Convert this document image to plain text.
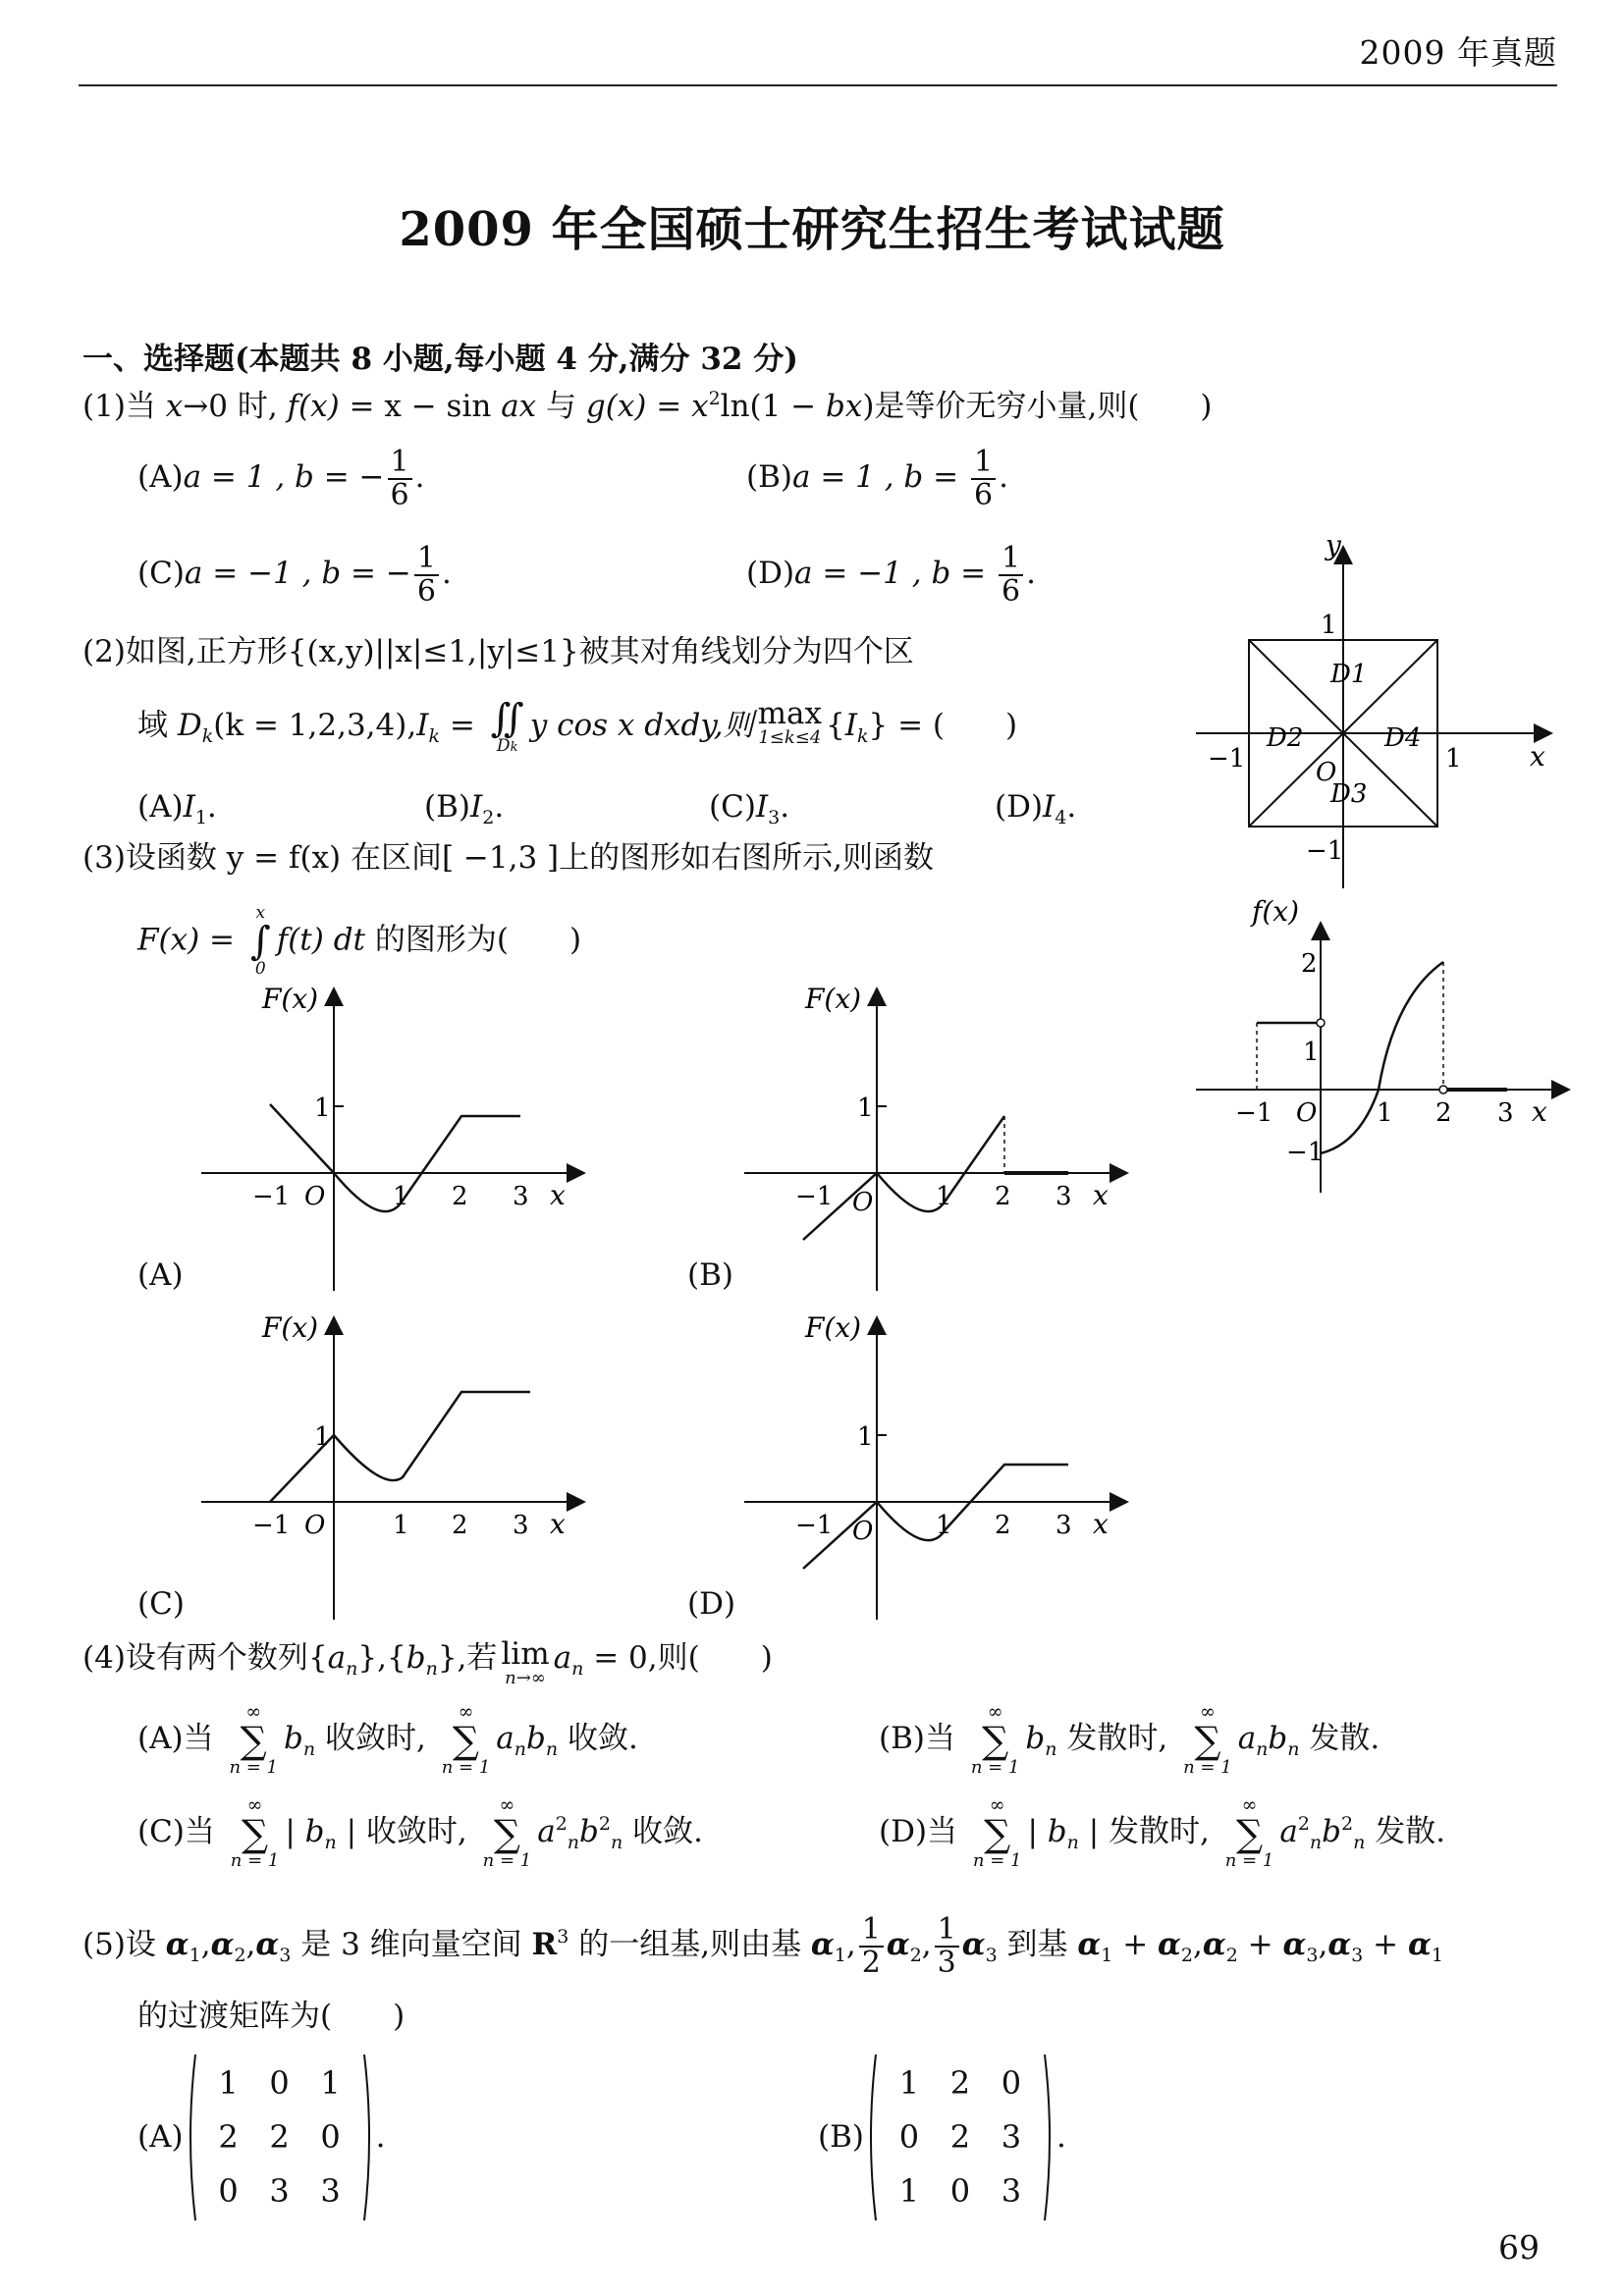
2009 年真题
2009 年全国硕士研究生招生考试试题
一、选择题(本题共 8 小题,每小题 4 分,满分 32 分)
(1)当 x→0 时, f(x) = x − sin ax 与 $g(x) = x^2\ln(1 - bx)$是等价无穷小量,则(　　)
(A)a = 1 , b = − $\frac{1}{6}$ .	(B)a = 1 , $b = \frac{1}{6}$ .
(C)a = −1 , b = − $\frac{1}{6}$ .	(D)a = −1 , $b = \frac{1}{6}$ .
(2)如图,正方形{(x,y)||x|≤1,|y|≤1}被其对角线划分为四个区
域 $D_k(k = 1,2,3,4),I_k$ = ∬
Dk
y cos x dxdy,则 max
1≤k≤4 $\{I_k\}$ = (　　)
$(A)I_1$.	$(B)I_2$.	$(C)I_3$.	$(D)I_4$.
(3)设函数 y = f(x) 在区间[ −1,3 ]上的图形如右图所示,则函数
F(x) =
x
∫
0
f(t) dt 的图形为(　　)
y
x
1
1
−1
−1
O
D1
D2
D3
D4
f(x)
2
1
−1
−1 O 1 2 3 x
F(x)
1
−1 O	1 2 3 x
(A)
F(x)
1
−1 O 1 2 3 x
(B)
F(x)
1
−1 O	1 2 3 x
(C)
F(x)
1
−1 O 1 2 3 x
(D)
(4)设有两个数列$\{a_n\},\{b_n\}$,若 lim
n→∞
$a_n = 0$,则(　　)
(A)当
∞
∑
n = 1
$b_n$ 收敛时,
∞
∑
n = 1
$a_nb_n$ 收敛.	(B)当
∞
∑
n = 1
$b_n$ 发散时,
∞
∑
n = 1
$a_nb_n$ 发散.
(C)当
∞
∑
n = 1
| $b_n$ | 收敛时,
∞
∑
n = 1
$a^2_nb^2_n$ 收敛.	(D)当
∞
∑
n = 1
| $b_n$ | 发散时,
∞
∑
n = 1
$a^2_nb^2_n$ 发散.
(5)设 $\alpha_1,\alpha_2,\alpha_3$ 是 3 维向量空间 $R^3$ 的一组基,则由基 $\alpha_1$, $\frac{1}{2} \alpha_2$, $\frac{1}{3} \alpha_3$ 到基 $\alpha_1 + \alpha_2,\alpha_2 + \alpha_3,\alpha_3 + \alpha_1$
的过渡矩阵为(　　)
(A)
1 0 1
2 2 0
0 3 3
.	(B)
1 2 0
0 2 3
1 0 3
.
69
